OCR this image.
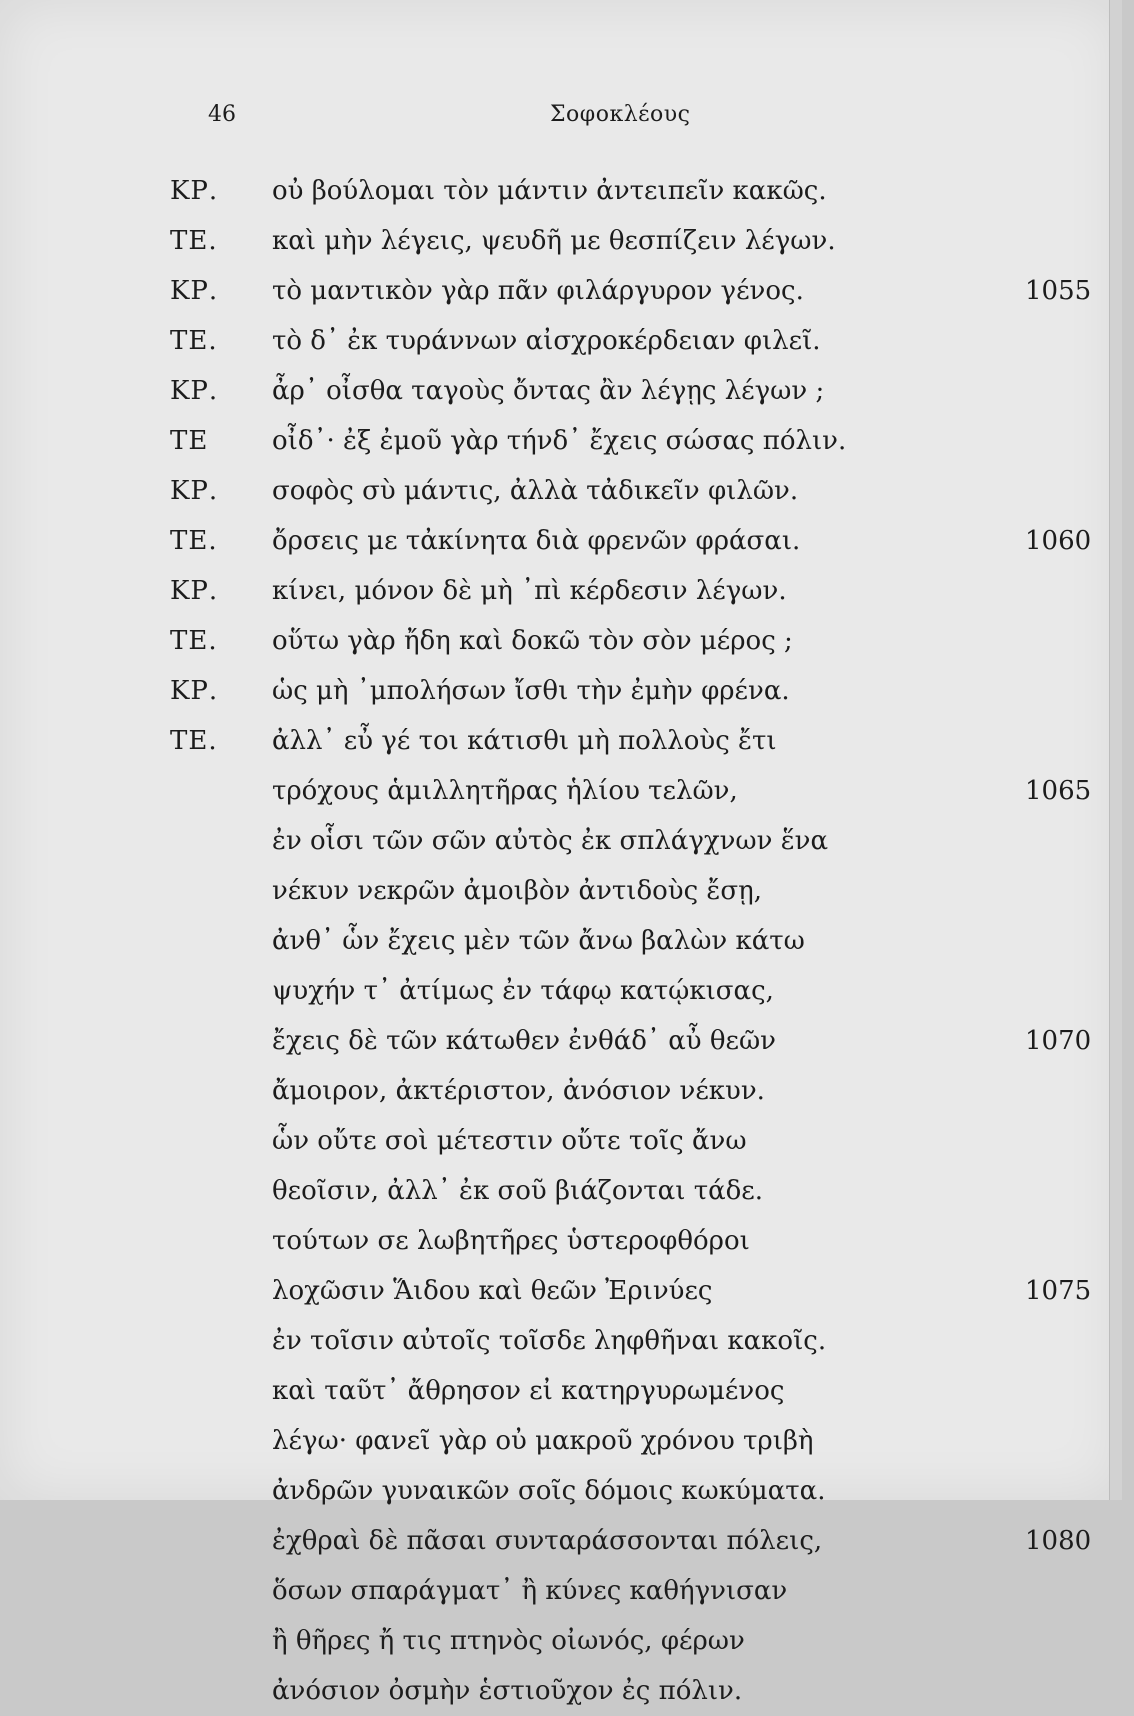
46	Σοφοκλέους
ΚΡ.	οὐ βούλομαι τὸν μάντιν ἀντειπεῖν κακῶς.
ΤΕ.	καὶ μὴν λέγεις, ψευδῆ με θεσπίζειν λέγων.
ΚΡ.	τὸ μαντικὸν γὰρ πᾶν φιλάργυρον γένος.	1055
ΤΕ.	τὸ δ᾿ ἐκ τυράννων αἰσχροκέρδειαν φιλεῖ.
ΚΡ.	ἆρ᾿ οἶσθα ταγοὺς ὄντας ἂν λέγῃς λέγων ;
ΤΕ	οἶδ᾿· ἐξ ἐμοῦ γὰρ τήνδ᾿ ἔχεις σώσας πόλιν.
ΚΡ.	σοφὸς σὺ μάντις, ἀλλὰ τἀδικεῖν φιλῶν.
ΤΕ.	ὄρσεις με τἀκίνητα διὰ φρενῶν φράσαι.	1060
ΚΡ.	κίνει, μόνον δὲ μὴ ᾿πὶ κέρδεσιν λέγων.
ΤΕ.	οὕτω γὰρ ἤδη καὶ δοκῶ τὸν σὸν μέρος ;
ΚΡ.	ὡς μὴ ᾿μπολήσων ἴσθι τὴν ἐμὴν φρένα.
ΤΕ.	ἀλλ᾿ εὖ γέ τοι κάτισθι μὴ πολλοὺς ἔτι
τρόχους ἁμιλλητῆρας ἡλίου τελῶν,	1065
ἐν οἷσι τῶν σῶν αὐτὸς ἐκ σπλάγχνων ἕνα
νέκυν νεκρῶν ἀμοιβὸν ἀντιδοὺς ἔσῃ,
ἀνθ᾿ ὧν ἔχεις μὲν τῶν ἄνω βαλὼν κάτω
ψυχήν τ᾿ ἀτίμως ἐν τάφῳ κατῴκισας,
ἔχεις δὲ τῶν κάτωθεν ἐνθάδ᾿ αὖ θεῶν	1070
ἄμοιρον, ἀκτέριστον, ἀνόσιον νέκυν.
ὧν οὔτε σοὶ μέτεστιν οὔτε τοῖς ἄνω
θεοῖσιν, ἀλλ᾿ ἐκ σοῦ βιάζονται τάδε.
τούτων σε λωβητῆρες ὑστεροφθόροι
λοχῶσιν Ἅιδου καὶ θεῶν Ἐρινύες	1075
ἐν τοῖσιν αὐτοῖς τοῖσδε ληφθῆναι κακοῖς.
καὶ ταῦτ᾿ ἄθρησον εἰ κατηργυρωμένος
λέγω· φανεῖ γὰρ οὐ μακροῦ χρόνου τριβὴ
ἀνδρῶν γυναικῶν σοῖς δόμοις κωκύματα.
ἐχθραὶ δὲ πᾶσαι συνταράσσονται πόλεις,	1080
ὅσων σπαράγματ᾿ ἢ κύνες καθήγνισαν
ἢ θῆρες ἤ τις πτηνὸς οἰωνός, φέρων
ἀνόσιον ὀσμὴν ἑστιοῦχον ἐς πόλιν.
